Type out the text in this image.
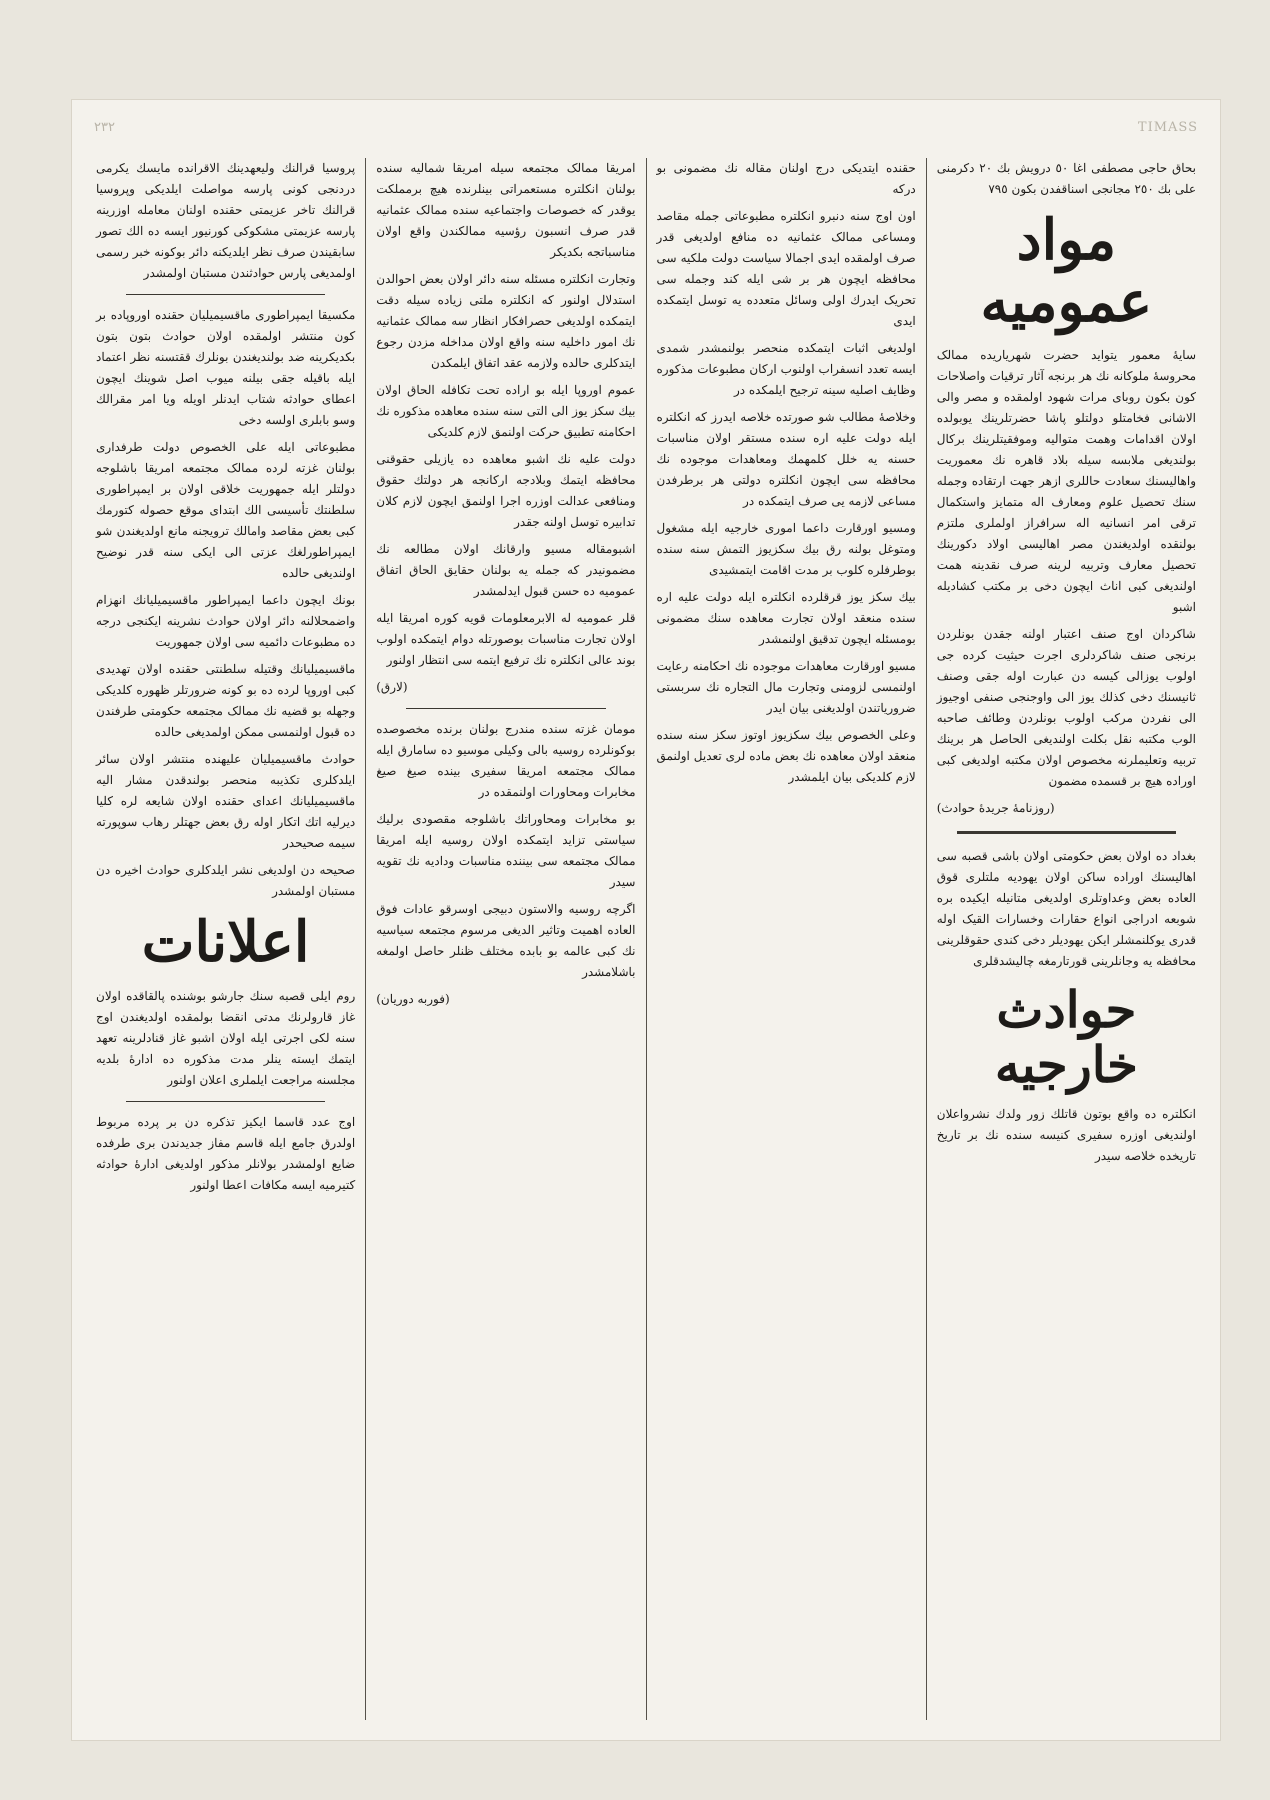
٢٣٢	TIMASS

بحاق حاجی مصطفی اغا ٥٠ درویش بك ٢٠ دکرمنی علی بك ٢٥٠ مجانجی اسناقفدن بکون ٧٩٥

مواد عمومیه

سایهٔ معمور یتواید حضرت شهریاریده ممالک محروسهٔ ملوکانه نك هر برنجه آثار ترقیات واصلاحات کون بکون روبای مرات شهود اولمقده و مصر والی الاشانی فخامتلو دولتلو پاشا حضرتلرینك یوبولده اولان اقدامات وهمت متوالیه وموفقیتلرینك برکال بولندیغی ملابسه سیله بلاد قاهره نك معموریت واهالیسنك سعادت حاللری ازهر جهت ارتقاده وجمله سنك تحصیل علوم ومعارف اله متمایز واستکمال ترقی امر انسانیه اله سرافراز اولملری ملتزم بولنقده اولدیغندن مصر اهالیسی اولاد دکورینك تحصیل معارف وتربیه لرینه صرف نقدینه همت اولندیغی کبی اناث ایچون دخی بر مکتب کشادیله اشبو

شاکردان اوج صنف اعتبار اولنه جقدن بونلردن برنجی صنف شاکردلری اجرت حیثیت کرده جی اولوب یوزالی کیسه دن عبارت اوله جقی وصنف ثانیسنك دخی کذلك یوز الی واوجنجی صنفی اوجیوز الی نفردن مرکب اولوب بونلردن وطائف صاحبه الوب مکتبه نقل بكلت اولندیغی الحاصل هر برینك تربیه وتعلیملرنه مخصوص اولان مکتبه اولدیغی کبی اوراده هیچ بر قسمده مضمون

(روزنامهٔ جریدهٔ حوادث)

بغداد ده اولان بعض حکومتی اولان باشی قصبه سی اهالیسنك اوراده ساکن اولان یهودیه ملتلری قوق العاده بعض وعداوتلری اولدیغی متانیله ایکیده بره شوبعه ادراجی انواع حقارات وخسارات القیک اوله قدری یوکلنمشلر ایکن یهودیلر دخی کندی حقوقلرینی محافظه یه وجانلرینی قورتارمغه چالیشدقلری

حوادث خارجیه

انکلتره ده واقع بوتون قاتلك زور ولدك نشرواعلان اولندیغی اوزره سفیری کنیسه سنده نك بر تاریخ تاریخده خلاصه سیدر

حقنده ایتدیکی درج اولنان مقاله نك مضمونی بو درکه

اون اوج سنه دنبرو انکلتره مطبوعاتی جمله مقاصد ومساعی ممالک عثمانیه ده منافع اولدیغی قدر صرف اولمقده ایدی اجمالا سیاست دولت ملکیه سی محافظه ایچون هر بر شی ایله کند وجمله سی تحریک ایدرك اولی وسائل متعدده یه توسل ایتمکده ایدی

اولدیغی اثبات ایتمکده منحصر بولنمشدر شمدی ایسه تعدد انسفراب اولنوب ارکان مطبوعات مذکوره وظایف اصلیه سینه ترجیح ایلمکده در

وخلاصهٔ مطالب شو صورتده خلاصه ایدرز که انکلتره ایله دولت علیه اره سنده مستقر اولان مناسبات حسنه یه خلل کلمهمك ومعاهدات موجوده نك محافظه سی ایچون انکلتره دولتی هر برطرفدن مساعی لازمه یی صرف ایتمکده در

ومسیو اورقارت داعما اموری خارجیه ایله مشغول ومتوغل بولنه رق بیك سکزیوز التمش سنه سنده بوطرفلره کلوب بر مدت اقامت ایتمشیدی

بیك سکز یوز قرقلرده انکلتره ایله دولت علیه اره سنده منعقد اولان تجارت معاهده سنك مضمونی بومسئله ایچون تدقیق اولنمشدر

مسیو اورقارت معاهدات موجوده نك احکامنه رعایت اولنمسی لزومنی وتجارت مال التجاره نك سربستی ضروریاتندن اولدیغنی بیان ایدر

وعلی الخصوص بیك سکزیوز اوتوز سکز سنه سنده منعقد اولان معاهده نك بعض ماده لری تعدیل اولنمق لازم کلدیکی بیان ایلمشدر

امریقا ممالک مجتمعه سیله امریقا شمالیه سنده بولنان انکلتره مستعمراتی بینلرنده هیچ برمملکت یوقدر که خصوصات واجتماعیه سنده ممالک عثمانیه قدر صرف انسبون رؤسیه ممالکندن واقع اولان مناسباتجه بکدیکر

وتجارت انکلتره مسئله سنه دائر اولان بعض احوالدن استدلال اولنور که انکلتره ملتی زیاده سیله دقت ایتمکده اولدیغی حصرافکار انظار سه ممالک عثمانیه نك امور داخلیه سنه واقع اولان مداخله مزدن رجوع ایتدکلری حالده ولازمه عقد اتفاق ایلمکدن

عموم اوروپا ایله بو اراده تحت تکافله الحاق اولان بیك سکز یوز الی التی سنه سنده معاهده مذکوره نك احکامنه تطبیق حرکت اولنمق لازم کلدیکی

دولت علیه نك اشبو معاهده ده یازیلی حقوقنی محافظه ایتمك وبلادجه ارکانجه هر دولتك حقوق ومنافعی عدالت اوزره اجرا اولنمق ایچون لازم کلان تدابیره توسل اولنه جقدر

اشبومقاله مسیو وارقانك اولان مطالعه نك مضمونیدر که جمله یه بولنان حقایق الحاق اتفاق عمومیه ده حسن قبول ایدلمشدر

قلر عمومیه له الابرمعلومات قویه کوره امریقا ایله اولان تجارت مناسبات بوصورتله دوام ایتمکده اولوب بوند عالی انکلتره نك ترفیع ایتمه سی انتظار اولنور

(لارق)

مومان غزته سنده مندرج بولنان برنده مخصوصده بوکونلرده روسیه بالی وکیلی موسیو ده سامارق ایله ممالک مجتمعه امریقا سفیری بینده صیغ صیغ مخابرات ومحاورات اولنمقده در

بو مخابرات ومحاوراتك باشلوجه مقصودی برلیك سیاستی تزاید ایتمکده اولان روسیه ایله امریقا ممالک مجتمعه سی بیننده مناسبات ودادیه نك تقویه سیدر

اگرچه روسیه والاستون دبیجی اوسرقو عادات فوق العاده اهمیت وتاثیر الدیغی مرسوم مجتمعه سیاسیه نك کبی عالمه بو بابده مختلف ظنلر حاصل اولمغه باشلامشدر

(فوربه دوریان)

پروسیا قرالنك ولیعهدینك الاقرانده مایسك یکرمی دردنجی کونی پارسه مواصلت ایلدیکی وپروسیا قرالنك تاخر عزیمتی حقنده اولنان معامله اوزرینه پارسه عزیمتی مشکوکی کورنیور ایسه ده الك تصور سابقیندن صرف نظر ایلدیکنه دائر بوکونه خبر رسمی اولمدیغی پارس حوادثندن مستبان اولمشدر

مکسیقا ایمپراطوری ماقسیمیلیان حقنده اوروپاده بر کون منتشر اولمقده اولان حوادث بتون بتون بکدیکرینه ضد بولندیغندن بونلرك ققتسنه نظر اعتماد ایله باقیله جقی بیلنه میوب اصل شوینك ایچون اعطای حوادثه شتاب ایدنلر اویله ویا امر مقرالك وسو بابلری اولسه دخی

مطبوعاتی ایله علی الخصوص دولت طرفداری بولنان غزته لرده ممالک مجتمعه امریقا باشلوجه دولتلر ایله جمهوریت خلاقی اولان بر ایمپراطوری سلطنتك تأسیسی الك ابتدای موقع حصوله کتورمك کبی بعض مقاصد وامالك ترویجنه مانع اولدیغندن شو ایمپراطورلغك عزتی الی ایکی سنه قدر نوضیح اولندیغی حالده

بونك ایچون داعما ایمپراطور ماقسیمیلیانك انهزام واضمحلالنه دائر اولان حوادث نشرینه ایکنجی درجه ده مطبوعات دائمیه سی اولان جمهوریت

ماقسیمیلیانك وقتیله سلطنتی حقنده اولان تهدیدی کبی اوروپا لرده ده بو کونه ضرورتلر ظهوره کلدیکی وجهله بو قضیه نك ممالک مجتمعه حکومتی طرفندن ده قبول اولنمسی ممکن اولمدیغی حالده

حوادث ماقسیمیلیان علیهنده منتشر اولان سائر ایلدکلری تکذیبه منحصر بولندقدن مشار الیه ماقسیمیلیانك اعدای حقنده اولان شایعه لره کلیا دیرلیه اتك اتکار اوله رق بعض جهتلر رهاب سوپورته سیمه صحیحدر

صحیحه دن اولدیغی نشر ایلدکلری حوادث اخیره دن مستبان اولمشدر

اعلانات

روم ایلی قصبه سنك جارشو بوشنده پالقاقده اولان غاز قارولرنك مدتی انقضا بولمقده اولدیغندن اوج سنه لکی اجرتی ایله اولان اشبو غاز قنادلرینه تعهد ایتمك ایسته ینلر مدت مذکوره ده ادارهٔ بلدیه مجلسنه مراجعت ایلملری اعلان اولنور

اوج عدد قاسما ایکیز تذکره دن بر پرده مربوط اولدرق جامع ایله قاسم مفاز جدیدندن بری طرفده ضایع اولمشدر بولانلر مذکور اولدیغی ادارهٔ حوادثه کتیرمیه ایسه مکافات اعطا اولنور
